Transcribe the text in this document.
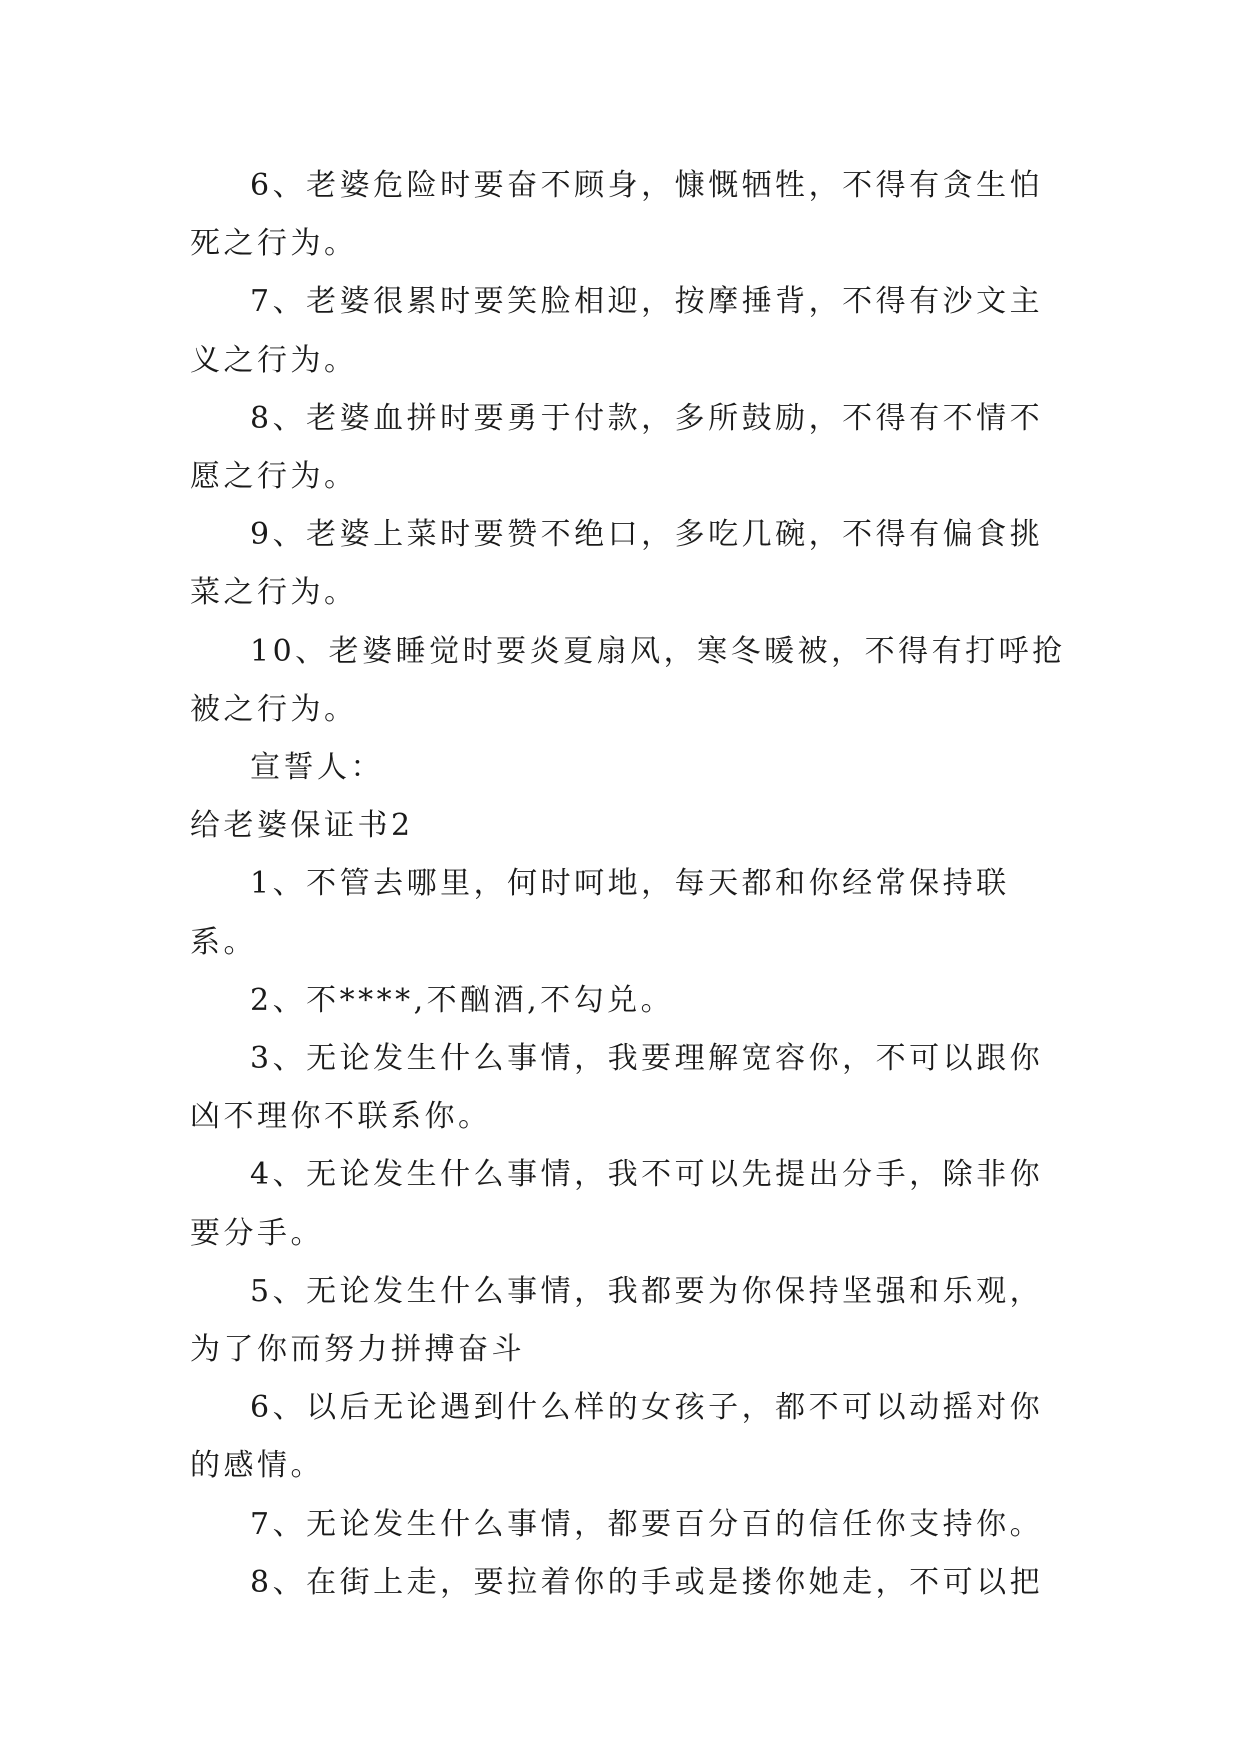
6、老婆危险时要奋不顾身，慷慨牺牲，不得有贪生怕死之行为。

7、老婆很累时要笑脸相迎，按摩捶背，不得有沙文主义之行为。

8、老婆血拼时要勇于付款，多所鼓励，不得有不情不愿之行为。

9、老婆上菜时要赞不绝口，多吃几碗，不得有偏食挑菜之行为。

10、老婆睡觉时要炎夏扇风，寒冬暖被，不得有打呼抢被之行为。

宣誓人：

给老婆保证书2

1、不管去哪里，何时呵地，每天都和你经常保持联系。

2、不****,不酗酒,不勾兑。

3、无论发生什么事情，我要理解宽容你，不可以跟你凶不理你不联系你。

4、无论发生什么事情，我不可以先提出分手，除非你要分手。

5、无论发生什么事情，我都要为你保持坚强和乐观，为了你而努力拼搏奋斗

6、以后无论遇到什么样的女孩子，都不可以动摇对你的感情。

7、无论发生什么事情，都要百分百的信任你支持你。

8、在街上走，要拉着你的手或是搂你她走，不可以把
